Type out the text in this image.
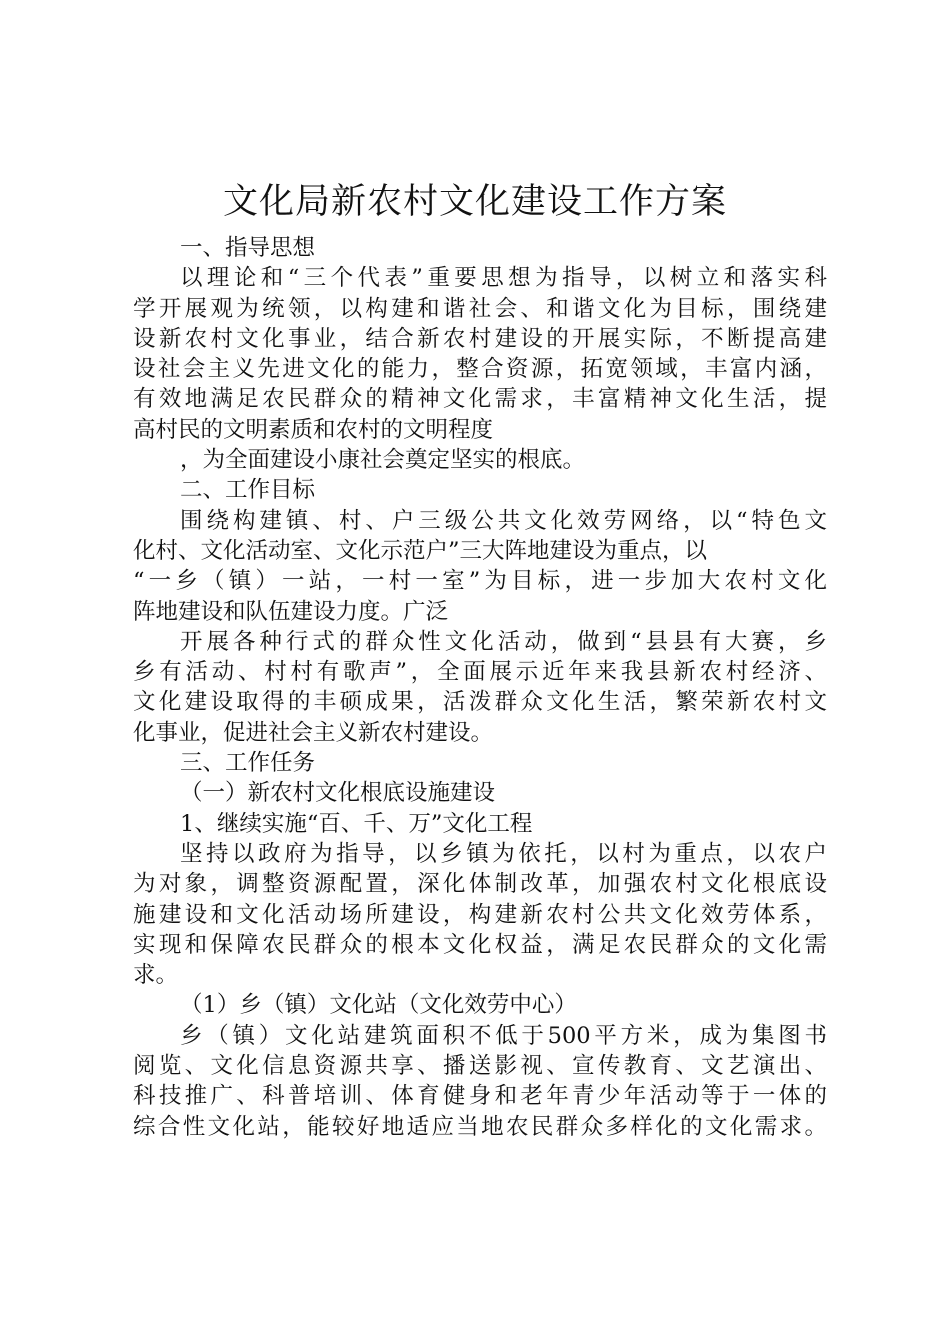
文化局新农村文化建设工作方案
一、指导思想
以理论和“三个代表”重要思想为指导，以树立和落实科
学开展观为统领，以构建和谐社会、和谐文化为目标，围绕建
设新农村文化事业，结合新农村建设的开展实际，不断提高建
设社会主义先进文化的能力，整合资源，拓宽领域，丰富内涵，
有效地满足农民群众的精神文化需求，丰富精神文化生活，提
高村民的文明素质和农村的文明程度
，为全面建设小康社会奠定坚实的根底。
二、工作目标
围绕构建镇、村、户三级公共文化效劳网络，以“特色文
化村、文化活动室、文化示范户”三大阵地建设为重点，以
“一乡（镇）一站，一村一室”为目标，进一步加大农村文化
阵地建设和队伍建设力度。广泛
开展各种行式的群众性文化活动，做到“县县有大赛，乡
乡有活动、村村有歌声”，全面展示近年来我县新农村经济、
文化建设取得的丰硕成果，活泼群众文化生活，繁荣新农村文
化事业，促进社会主义新农村建设。
三、工作任务
（一）新农村文化根底设施建设
1、继续实施“百、千、万”文化工程
坚持以政府为指导，以乡镇为依托，以村为重点，以农户
为对象，调整资源配置，深化体制改革，加强农村文化根底设
施建设和文化活动场所建设，构建新农村公共文化效劳体系，
实现和保障农民群众的根本文化权益，满足农民群众的文化需
求。
（1）乡（镇）文化站（文化效劳中心）
乡（镇）文化站建筑面积不低于500平方米，成为集图书
阅览、文化信息资源共享、播送影视、宣传教育、文艺演出、
科技推广、科普培训、体育健身和老年青少年活动等于一体的
综合性文化站，能较好地适应当地农民群众多样化的文化需求。
